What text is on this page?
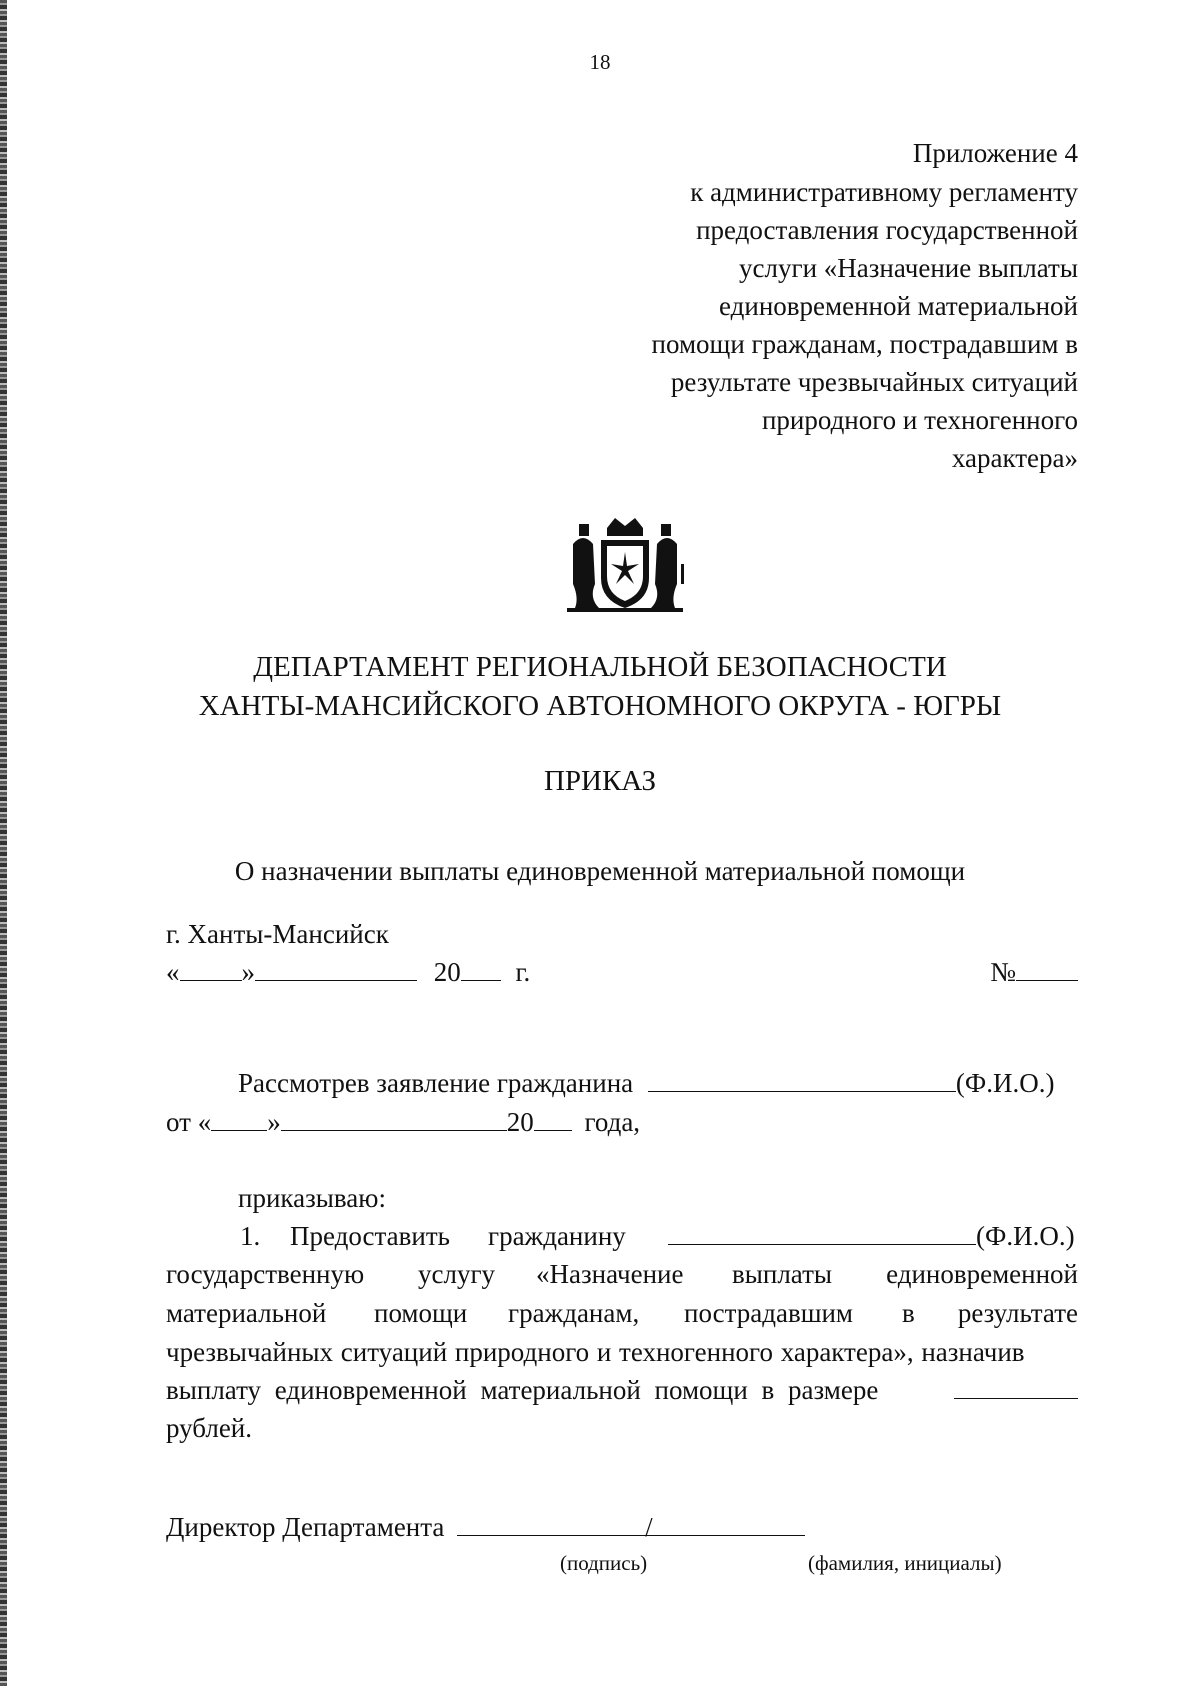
18
Приложение 4
к административному регламенту
предоставления государственной
услуги «Назначение выплаты
единовременной материальной
помощи гражданам, пострадавшим в
результате чрезвычайных ситуаций
природного и техногенного
характера»
ДЕПАРТАМЕНТ РЕГИОНАЛЬНОЙ БЕЗОПАСНОСТИ
ХАНТЫ-МАНСИЙСКОГО АВТОНОМНОГО ОКРУГА - ЮГРЫ
ПРИКАЗ
О назначении выплаты единовременной материальной помощи
г. Ханты-Мансийск
« »	20 г.	№
Рассмотрев заявление гражданина	(Ф.И.О.)
от « »	20 года,
приказываю:
1. Предоставить гражданину	(Ф.И.О.)
государственную услугу «Назначение выплаты единовременной
материальной помощи гражданам, пострадавшим в результате
чрезвычайных ситуаций природного и техногенного характера», назначив
выплату единовременной материальной помощи в размере
рублей.
Директор Департамента	/
(подпись)	(фамилия, инициалы)
